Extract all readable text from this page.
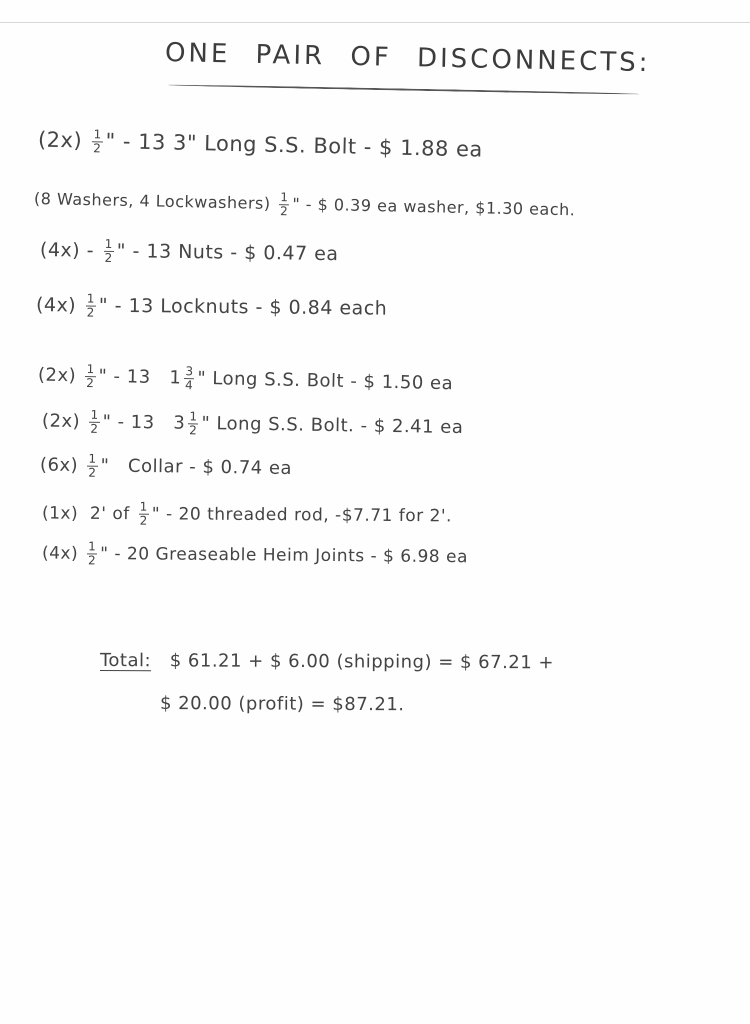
ONE PAIR OF DISCONNECTS:
$(2x) \frac{1}{2}$ " - 13 3" Long S.S. Bolt - $ 1.88 ea
(8 Washers, 4 Lockwashers) $\frac{1}{2}$ " - $ 0.39 ea washer, $1.30 each.
$(4x) - \frac{1}{2}$ " - 13 Nuts - $ 0.47 ea
$(4x) \frac{1}{2}$ " - 13 Locknuts - $ 0.84 each
$(2x) \frac{1}{2}$ " - 13 $1 \frac{3}{4}$ " Long S.S. Bolt - $ 1.50 ea
$(2x) \frac{1}{2}$ " - 13 $3 \frac{1}{2}$ " Long S.S. Bolt. - $ 2.41 ea
$(6x) \frac{1}{2}$ " Collar - $ 0.74 ea
(1x) 2' of $\frac{1}{2}$ " - 20 threaded rod, -$7.71 for 2'.
$(4x) \frac{1}{2}$ " - 20 Greaseable Heim Joints - $ 6.98 ea
Total: $ 61.21 + $ 6.00 (shipping) = $ 67.21 +
$ 20.00 (profit) = $87.21.
